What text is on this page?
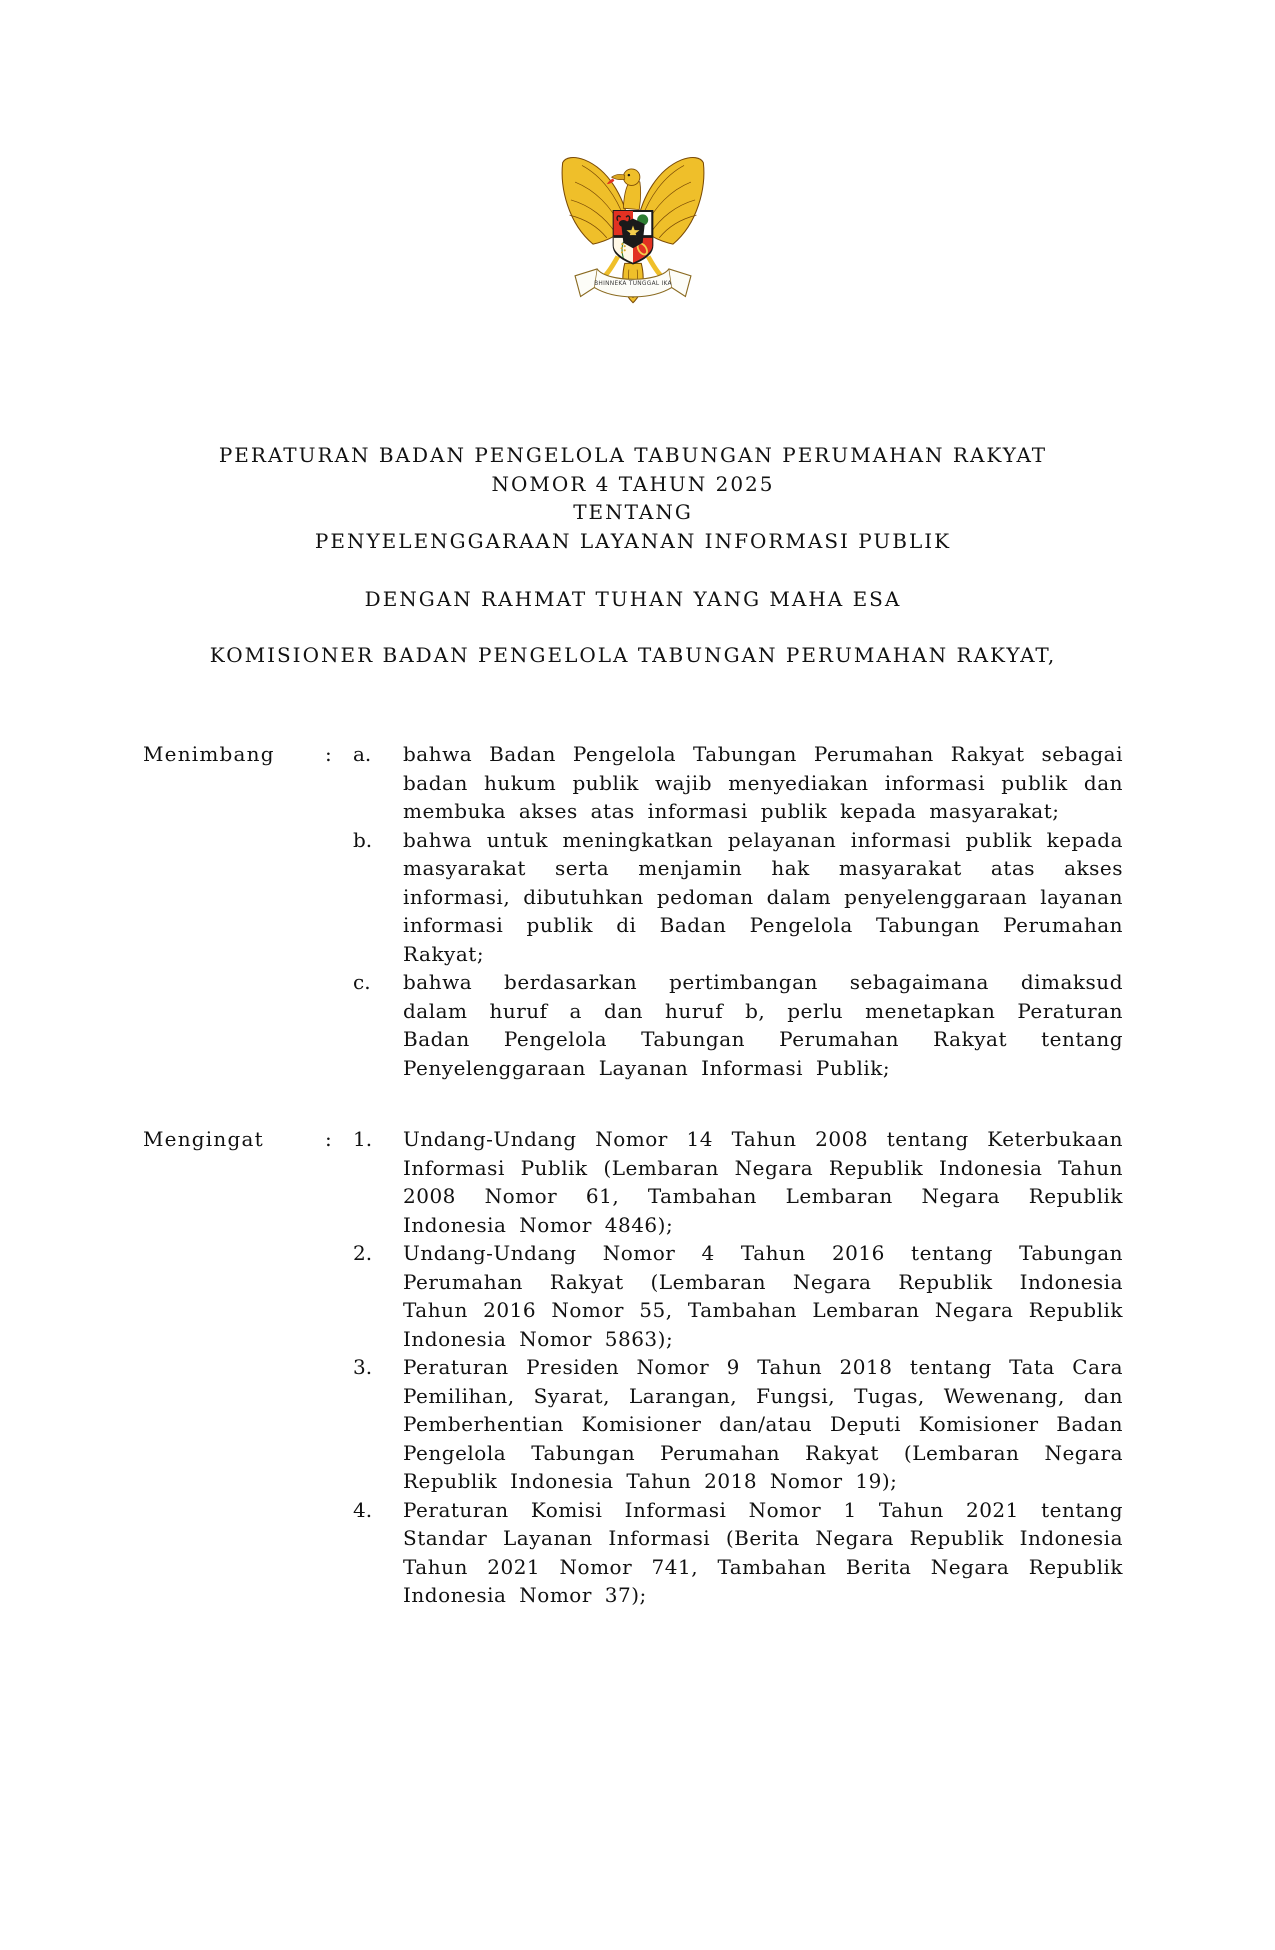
BHINNEKA TUNGGAL IKA
PERATURAN BADAN PENGELOLA TABUNGAN PERUMAHAN RAKYAT
NOMOR 4 TAHUN 2025
TENTANG
PENYELENGGARAAN LAYANAN INFORMASI PUBLIK
DENGAN RAHMAT TUHAN YANG MAHA ESA
KOMISIONER BADAN PENGELOLA TABUNGAN PERUMAHAN RAKYAT,
Menimbang	:	a.	bahwa Badan Pengelola Tabungan Perumahan Rakyat sebagai badan hukum publik wajib menyediakan informasi publik dan membuka akses atas informasi publik kepada masyarakat;
b.	bahwa untuk meningkatkan pelayanan informasi publik kepada masyarakat serta menjamin hak masyarakat atas akses informasi, dibutuhkan pedoman dalam penyelenggaraan layanan informasi publik di Badan Pengelola Tabungan Perumahan Rakyat;
c.	bahwa berdasarkan pertimbangan sebagaimana dimaksud dalam huruf a dan huruf b, perlu menetapkan Peraturan Badan Pengelola Tabungan Perumahan Rakyat tentang Penyelenggaraan Layanan Informasi Publik;
Mengingat	:	1.	Undang-Undang Nomor 14 Tahun 2008 tentang Keterbukaan Informasi Publik (Lembaran Negara Republik Indonesia Tahun 2008 Nomor 61, Tambahan Lembaran Negara Republik Indonesia Nomor 4846);
2.	Undang-Undang Nomor 4 Tahun 2016 tentang Tabungan Perumahan Rakyat (Lembaran Negara Republik Indonesia Tahun 2016 Nomor 55, Tambahan Lembaran Negara Republik Indonesia Nomor 5863);
3.	Peraturan Presiden Nomor 9 Tahun 2018 tentang Tata Cara Pemilihan, Syarat, Larangan, Fungsi, Tugas, Wewenang, dan Pemberhentian Komisioner dan/atau Deputi Komisioner Badan Pengelola Tabungan Perumahan Rakyat (Lembaran Negara Republik Indonesia Tahun 2018 Nomor 19);
4.	Peraturan Komisi Informasi Nomor 1 Tahun 2021 tentang Standar Layanan Informasi (Berita Negara Republik Indonesia Tahun 2021 Nomor 741, Tambahan Berita Negara Republik Indonesia Nomor 37);
